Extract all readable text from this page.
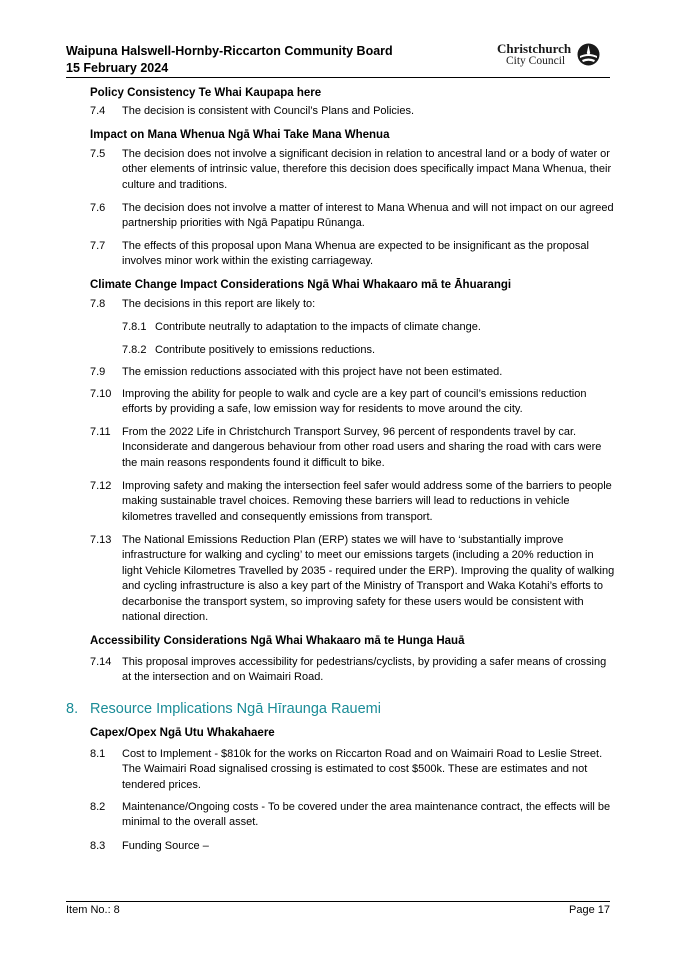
Waipuna Halswell-Hornby-Riccarton Community Board
15 February 2024
Christchurch
City Council
Policy Consistency Te Whai Kaupapa here
7.4	The decision is consistent with Council’s Plans and Policies.
Impact on Mana Whenua Ngā Whai Take Mana Whenua
7.5	The decision does not involve a significant decision in relation to ancestral land or a body of water or other elements of intrinsic value, therefore this decision does specifically impact Mana Whenua, their culture and traditions.
7.6	The decision does not involve a matter of interest to Mana Whenua and will not impact on our agreed partnership priorities with Ngā Papatipu Rūnanga.
7.7	The effects of this proposal upon Mana Whenua are expected to be insignificant as the proposal involves minor work within the existing carriageway.
Climate Change Impact Considerations Ngā Whai Whakaaro mā te Āhuarangi
7.8	The decisions in this report are likely to:
7.8.1 Contribute neutrally to adaptation to the impacts of climate change.
7.8.2 Contribute positively to emissions reductions.
7.9	The emission reductions associated with this project have not been estimated.
7.10 Improving the ability for people to walk and cycle are a key part of council’s emissions reduction efforts by providing a safe, low emission way for residents to move around the city.
7.11	From the 2022 Life in Christchurch Transport Survey, 96 percent of respondents travel by car. Inconsiderate and dangerous behaviour from other road users and sharing the road with cars were the main reasons respondents found it difficult to bike.
7.12 Improving safety and making the intersection feel safer would address some of the barriers to people making sustainable travel choices. Removing these barriers will lead to reductions in vehicle kilometres travelled and consequently emissions from transport.
7.13 The National Emissions Reduction Plan (ERP) states we will have to ‘substantially improve infrastructure for walking and cycling’ to meet our emissions targets (including a 20% reduction in light Vehicle Kilometres Travelled by 2035 - required under the ERP). Improving the quality of walking and cycling infrastructure is also a key part of the Ministry of Transport and Waka Kotahi’s efforts to decarbonise the transport system, so improving safety for these users would be consistent with national direction.
Accessibility Considerations Ngā Whai Whakaaro mā te Hunga Hauā
7.14 This proposal improves accessibility for pedestrians/cyclists, by providing a safer means of crossing at the intersection and on Waimairi Road.
8. Resource Implications Ngā Hīraunga Rauemi
Capex/Opex Ngā Utu Whakahaere
8.1	Cost to Implement - $810k for the works on Riccarton Road and on Waimairi Road to Leslie Street. The Waimairi Road signalised crossing is estimated to cost $500k. These are estimates and not tendered prices.
8.2	Maintenance/Ongoing costs - To be covered under the area maintenance contract, the effects will be minimal to the overall asset.
8.3	Funding Source –
Item No.: 8	Page 17
